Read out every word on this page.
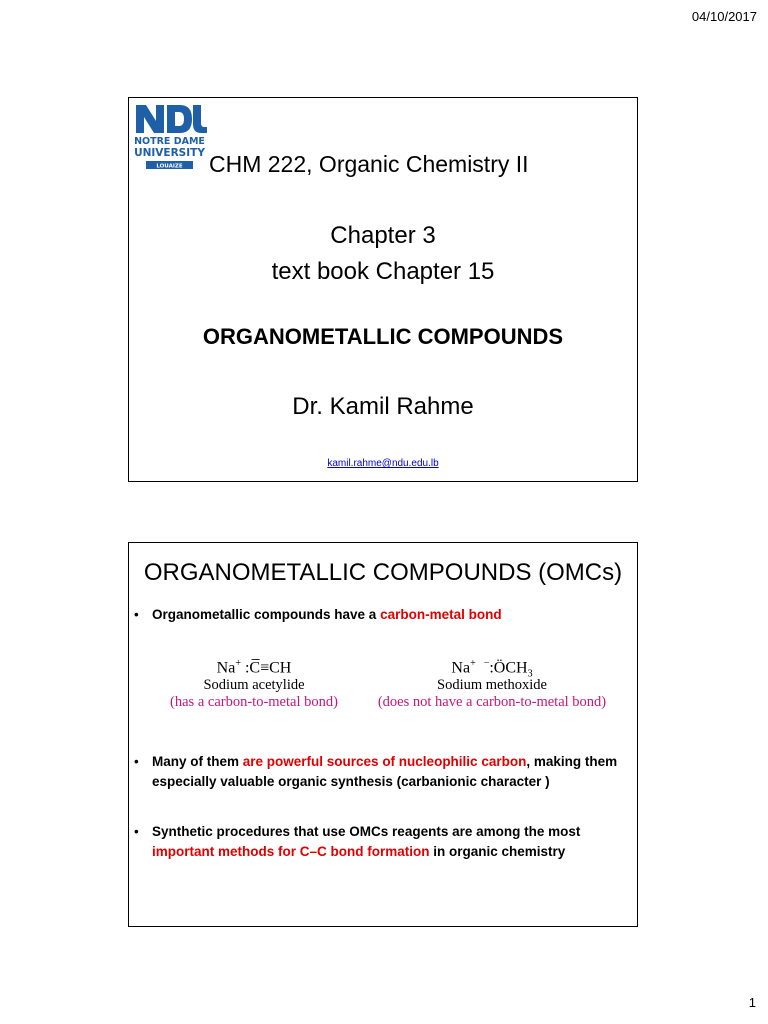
04/10/2017
NOTRE DAME
UNIVERSITY
LOUAIZE CHM 222, Organic Chemistry II
Chapter 3
text book Chapter 15
ORGANOMETALLIC COMPOUNDS
Dr. Kamil Rahme
kamil.rahme@ndu.edu.lb
ORGANOMETALLIC COMPOUNDS (OMCs)
• Organometallic compounds have a carbon-metal bond
Na+ :C̅≡CH
Sodium acetylide
(has a carbon-to-metal bond)
Na+ $^-:ÖCH_3$
Sodium methoxide
(does not have a carbon-to-metal bond)
• Many of them are powerful sources of nucleophilic carbon, making them especially valuable organic synthesis (carbanionic character )
• Synthetic procedures that use OMCs reagents are among the most important methods for C–C bond formation in organic chemistry
1
